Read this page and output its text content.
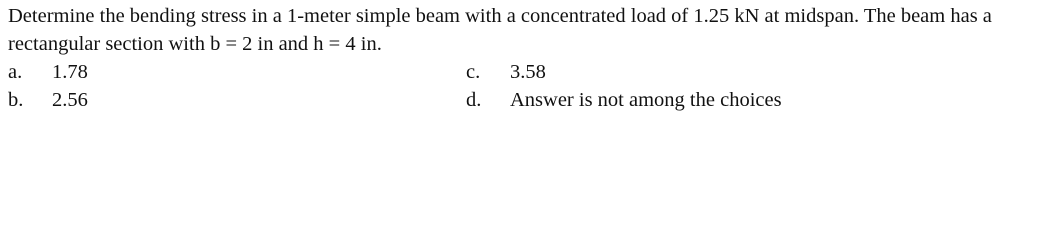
Determine the bending stress in a 1-meter simple beam with a concentrated load of 1.25 kN at midspan. The beam has a rectangular section with b = 2 in and h = 4 in.

a. 1.78
b. 2.56
c. 3.58
d. Answer is not among the choices
